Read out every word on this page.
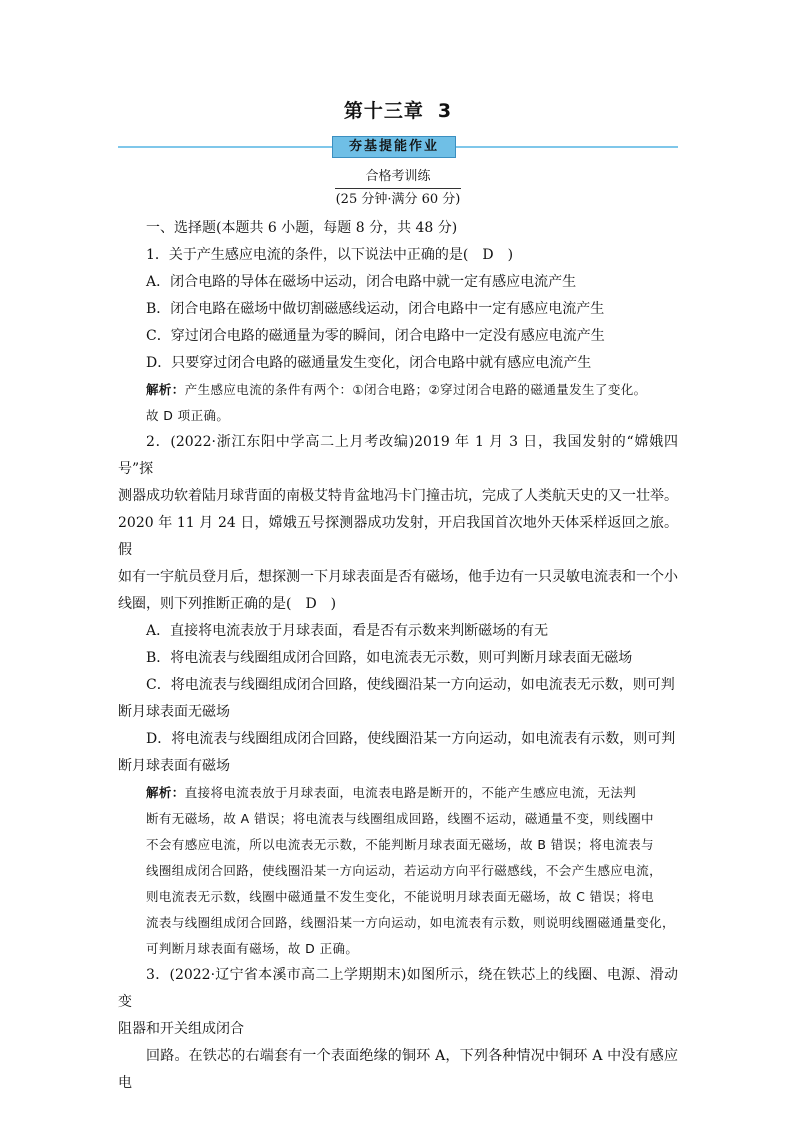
第十三章 3
夯基提能作业
合格考训练
(25 分钟·满分 60 分)

一、选择题(本题共 6 小题，每题 8 分，共 48 分)

1．关于产生感应电流的条件，以下说法中正确的是(　D　)

A．闭合电路的导体在磁场中运动，闭合电路中就一定有感应电流产生

B．闭合电路在磁场中做切割磁感线运动，闭合电路中一定有感应电流产生

C．穿过闭合电路的磁通量为零的瞬间，闭合电路中一定没有感应电流产生

D．只要穿过闭合电路的磁通量发生变化，闭合电路中就有感应电流产生

解析：产生感应电流的条件有两个：①闭合电路；②穿过闭合电路的磁通量发生了变化。

故 D 项正确。

2．(2022·浙江东阳中学高二上月考改编)2019 年 1 月 3 日，我国发射的“嫦娥四号”探

测器成功软着陆月球背面的南极艾特肯盆地冯卡门撞击坑，完成了人类航天史的又一壮举。

2020 年 11 月 24 日，嫦娥五号探测器成功发射，开启我国首次地外天体采样返回之旅。假

如有一宇航员登月后，想探测一下月球表面是否有磁场，他手边有一只灵敏电流表和一个小

线圈，则下列推断正确的是(　D　)

A．直接将电流表放于月球表面，看是否有示数来判断磁场的有无

B．将电流表与线圈组成闭合回路，如电流表无示数，则可判断月球表面无磁场

C．将电流表与线圈组成闭合回路，使线圈沿某一方向运动，如电流表无示数，则可判

断月球表面无磁场

D．将电流表与线圈组成闭合回路，使线圈沿某一方向运动，如电流表有示数，则可判

断月球表面有磁场

解析：直接将电流表放于月球表面，电流表电路是断开的，不能产生感应电流，无法判

断有无磁场，故 A 错误；将电流表与线圈组成回路，线圈不运动，磁通量不变，则线圈中

不会有感应电流，所以电流表无示数，不能判断月球表面无磁场，故 B 错误；将电流表与

线圈组成闭合回路，使线圈沿某一方向运动，若运动方向平行磁感线，不会产生感应电流，

则电流表无示数，线圈中磁通量不发生变化，不能说明月球表面无磁场，故 C 错误；将电

流表与线圈组成闭合回路，线圈沿某一方向运动，如电流表有示数，则说明线圈磁通量变化，

可判断月球表面有磁场，故 D 正确。

3．(2022·辽宁省本溪市高二上学期期末)如图所示，绕在铁芯上的线圈、电源、滑动变

阻器和开关组成闭合

回路。在铁芯的右端套有一个表面绝缘的铜环 A，下列各种情况中铜环 A 中没有感应电
